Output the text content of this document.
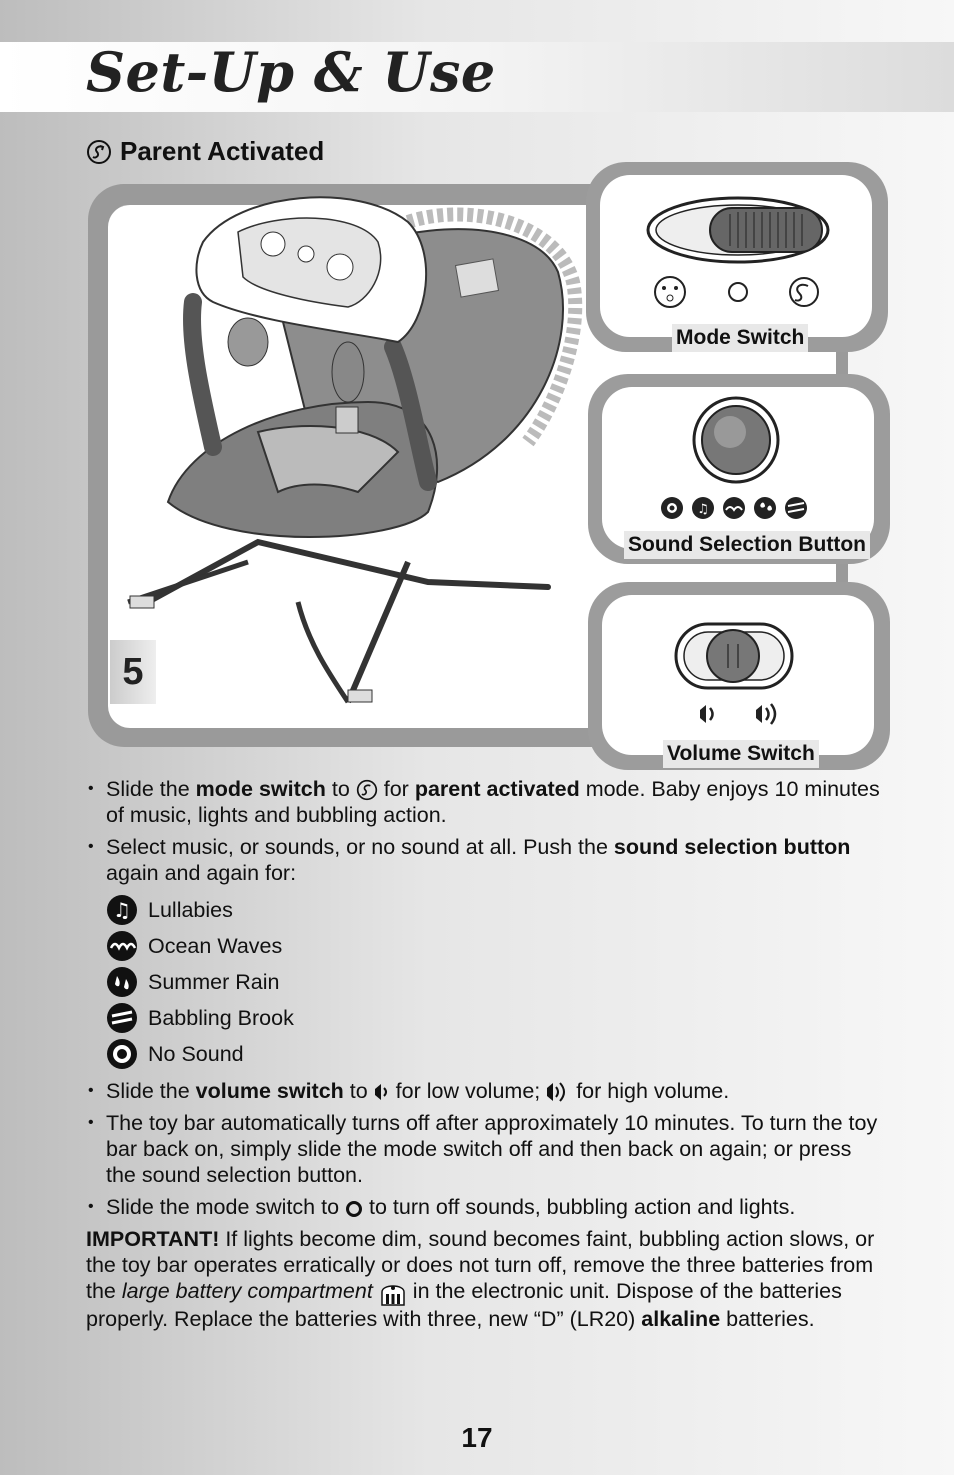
Set-Up & Use
Parent Activated
5
Mode Switch
♫
Sound Selection Button
Volume Switch
• Slide the mode switch to  for parent activated mode. Baby enjoys 10 minutes of music, lights and bubbling action.
• Select music, or sounds, or no sound at all. Push the sound selection button again and again for:
♫ Lullabies
Ocean Waves
Summer Rain
Babbling Brook
No Sound
• Slide the volume switch to  for low volume;  for high volume.
• The toy bar automatically turns off after approximately 10 minutes. To turn the toy bar back on, simply slide the mode switch off and then back on again; or press the sound selection button.
• Slide the mode switch to  to turn off sounds, bubbling action and lights.
IMPORTANT! If lights become dim, sound becomes faint, bubbling action slows, or the toy bar operates erratically or does not turn off, remove the three batteries from the large battery compartment  in the electronic unit. Dispose of the batteries properly. Replace the batteries with three, new “D” (LR20) alkaline batteries.
17
